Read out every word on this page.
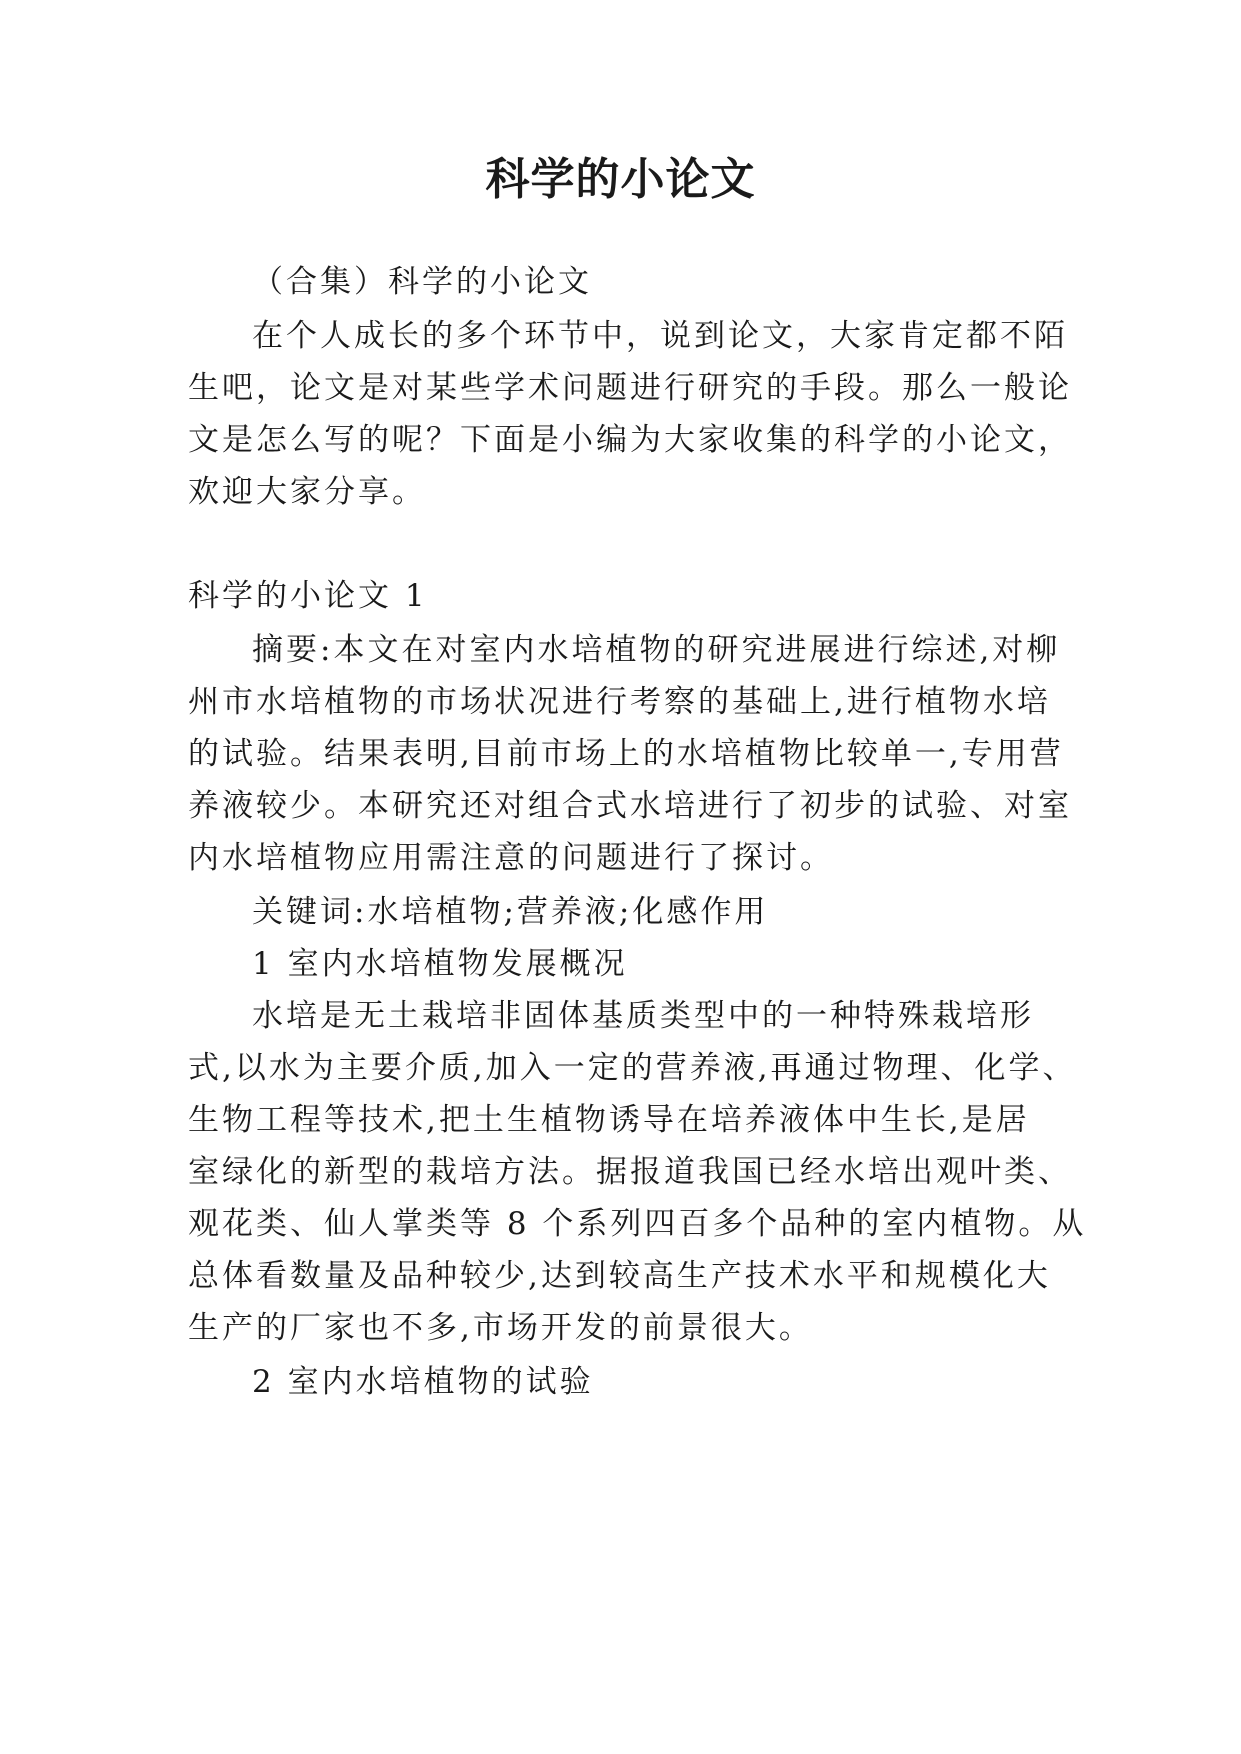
科学的小论文

（合集）科学的小论文

在个人成长的多个环节中，说到论文，大家肯定都不陌

生吧，论文是对某些学术问题进行研究的手段。那么一般论

文是怎么写的呢？下面是小编为大家收集的科学的小论文，

欢迎大家分享。

科学的小论文 1

摘要:本文在对室内水培植物的研究进展进行综述,对柳

州市水培植物的市场状况进行考察的基础上,进行植物水培

的试验。结果表明,目前市场上的水培植物比较单一,专用营

养液较少。本研究还对组合式水培进行了初步的试验、对室

内水培植物应用需注意的问题进行了探讨。

关键词:水培植物;营养液;化感作用

1 室内水培植物发展概况

水培是无土栽培非固体基质类型中的一种特殊栽培形

式,以水为主要介质,加入一定的营养液,再通过物理、化学、

生物工程等技术,把土生植物诱导在培养液体中生长,是居

室绿化的新型的栽培方法。据报道我国已经水培出观叶类、

观花类、仙人掌类等 8 个系列四百多个品种的室内植物。从

总体看数量及品种较少,达到较高生产技术水平和规模化大

生产的厂家也不多,市场开发的前景很大。

2 室内水培植物的试验
